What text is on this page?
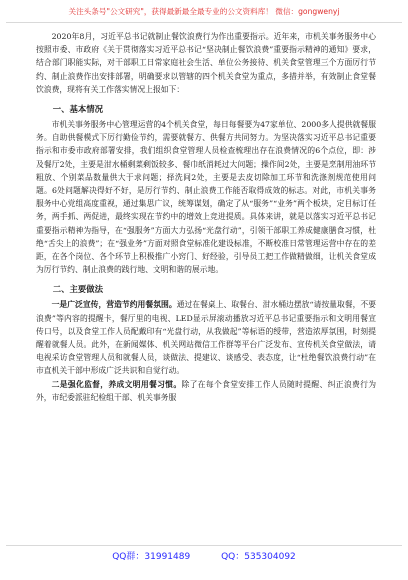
关注头条号"公文研究"，获得最新最全最专业的公文资料库！ 微信：gongwenyj

2020年8月，习近平总书记就制止餐饮浪费行为作出重要指示。近年来，市机关事务服务中心按照市委、市政府《关于贯彻落实习近平总书记“坚决制止餐饮浪费”重要指示精神的通知》要求，结合部门职能实际，对干部职工日常家庭社会生活、单位公务接待、机关食堂管理三个方面厉行节约、制止浪费作出安排部署，明确要求以管辖的四个机关食堂为重点，多措并举，有效制止食堂餐饮浪费，现将有关工作落实情况上报如下：

一、基本情况

市机关事务服务中心管理运营的4个机关食堂，每日每餐要为47家单位、2000多人提供就餐服务。自助供餐模式下厉行勤俭节约，需要就餐方、供餐方共同努力。为坚决落实习近平总书记重要指示和市委市政府部署安排，我们组织食堂管理人员检查梳理出存在浪费情况的6个点位，即：涉及餐厅2处，主要是泔水桶剩菜剩饭较多、餐巾纸消耗过大问题；操作间2处，主要是烹制用油环节粗放、个别菜品数量供大于求问题；择洗间2处，主要是去皮切除加工环节和洗涤剂规范使用问题。6处问题解决得好不好，是厉行节约、制止浪费工作能否取得成效的标志。对此，市机关事务服务中心党组高度重视，通过集思广议，统筹谋划，确定了从“服务”“业务”两个板块，定目标订任务，两手抓、两促进，最终实现在节约中的增效上竞进提质。具体来讲，就是以落实习近平总书记重要指示精神为指导，在“强服务”方面大力弘扬“光盘行动”，引领干部职工养成健康膳食习惯，杜绝“舌尖上的浪费”；在“强业务”方面对照食堂标准化建设标准，不断校准日常管理运营中存在的差距，在各个岗位、各个环节上积极推广小窍门、好经验，引导员工把工作做精做细，让机关食堂成为厉行节约、制止浪费的践行地、文明和谐的展示地。

二、主要做法

一是广泛宣传，营造节约用餐氛围。通过在餐桌上、取餐台、泔水桶边摆放“请按量取餐，不要浪费”等内容的提醒卡，餐厅里的电视、LED显示屏滚动播放习近平总书记重要指示和文明用餐宣传口号，以及食堂工作人员配戴印有“光盘行动，从我做起”等标语的绶带，营造浓厚氛围，时刻提醒着就餐人员。此外，在新闻媒体、机关网站微信工作群等平台广泛发布、宣传机关食堂做法，请电视采访食堂管理人员和就餐人员，谈做法、提建议、谈感受、表态度，让“杜绝餐饮浪费行动”在市直机关干部中形成广泛共识和自觉行动。

二是强化监督，养成文明用餐习惯。除了在每个食堂安排工作人员随时提醒、纠正浪费行为外，市纪委派驻纪检组干部、机关事务服

QQ群：31991489	QQ：535304092
